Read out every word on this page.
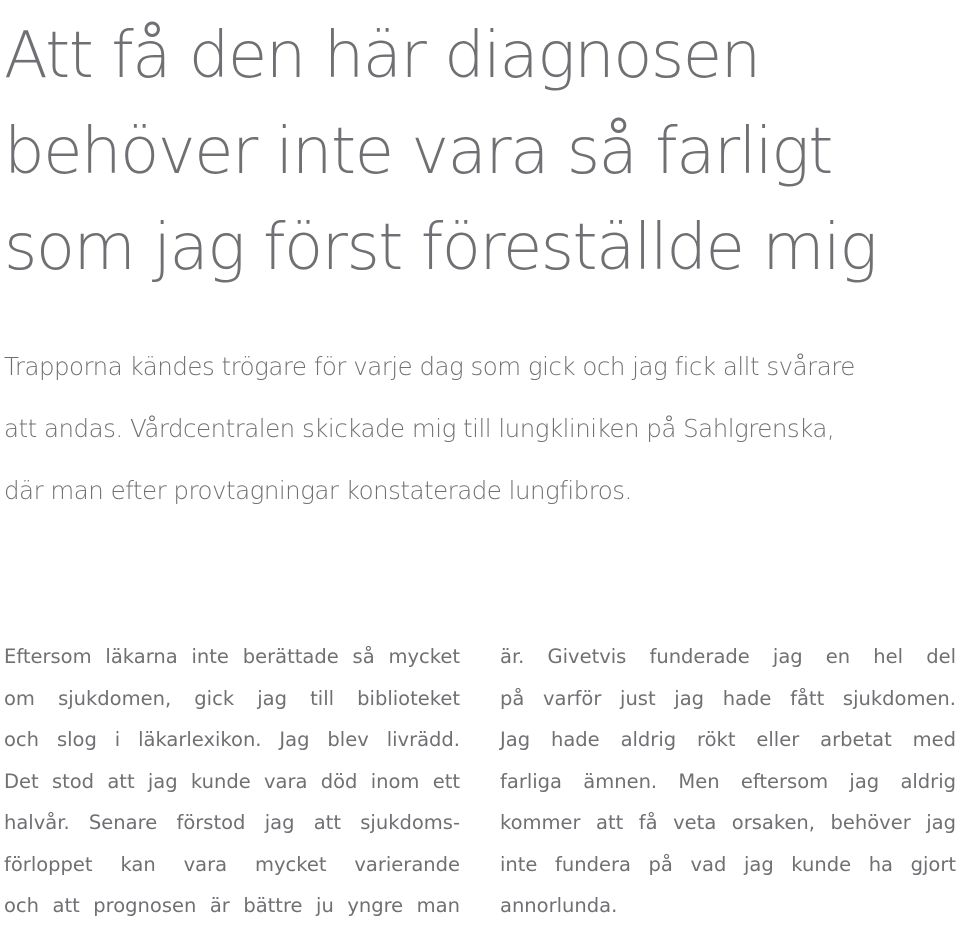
Att få den här diagnosen
behöver inte vara så farligt
som jag först föreställde mig

Trapporna kändes trögare för varje dag som gick och jag fick allt svårare
att andas. Vårdcentralen skickade mig till lungkliniken på Sahlgrenska,
där man efter provtagningar konstaterade lungfibros.

Eftersom läkarna inte berättade så mycket
om sjukdomen, gick jag till biblioteket
och slog i läkarlexikon. Jag blev livrädd.
Det stod att jag kunde vara död inom ett
halvår. Senare förstod jag att sjukdoms-
förloppet kan vara mycket varierande
och att prognosen är bättre ju yngre man

är. Givetvis funderade jag en hel del
på varför just jag hade fått sjukdomen.
Jag hade aldrig rökt eller arbetat med
farliga ämnen. Men eftersom jag aldrig
kommer att få veta orsaken, behöver jag
inte fundera på vad jag kunde ha gjort
annorlunda.
